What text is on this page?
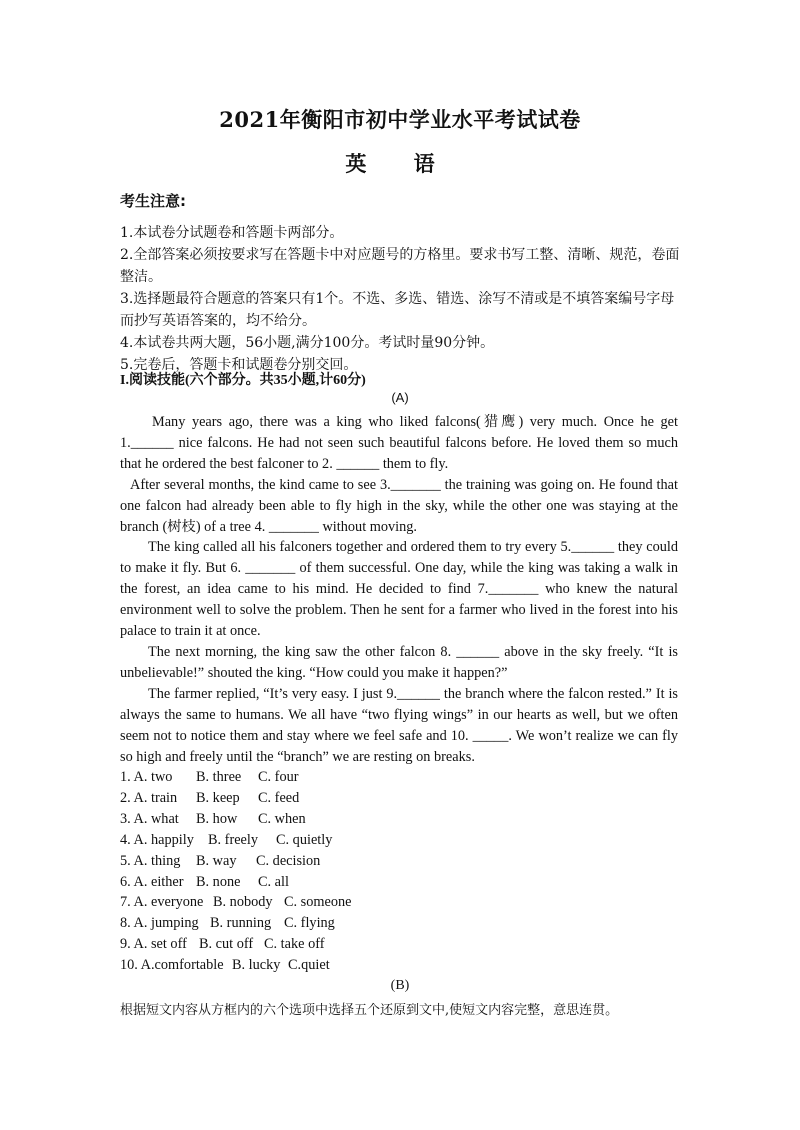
2021年衡阳市初中学业水平考试试卷
英 语
考生注意:

1.本试卷分试题卷和答题卡两部分。

2.全部答案必须按要求写在答题卡中对应题号的方格里。要求书写工整、清晰、规范，卷面整洁。

3.选择题最符合题意的答案只有1个。不选、多选、错选、涂写不清或是不填答案编号字母而抄写英语答案的，均不给分。

4.本试卷共两大题，56小题,满分100分。考试时量90分钟。

5.完卷后，答题卡和试题卷分别交回。

I.阅读技能(六个部分。共35小题,计60分)
(A)

Many years ago, there was a king who liked falcons(猎鹰) very much. Once he get 1.______ nice falcons. He had not seen such beautiful falcons before. He loved them so much that he ordered the best falconer to 2. ______ them to fly.

After several months, the kind came to see 3._______ the training was going on. He found that one falcon had already been able to fly high in the sky, while the other one was staying at the branch (树枝) of a tree 4. _______ without moving.

The king called all his falconers together and ordered them to try every 5.______ they could to make it fly. But 6. _______ of them successful. One day, while the king was taking a walk in the forest, an idea came to his mind. He decided to find 7._______ who knew the natural environment well to solve the problem. Then he sent for a farmer who lived in the forest into his palace to train it at once.

The next morning, the king saw the other falcon 8. ______ above in the sky freely. “It is unbelievable!” shouted the king. “How could you make it happen?”

The farmer replied, “It’s very easy. I just 9.______ the branch where the falcon rested.” It is always the same to humans. We all have “two flying wings” in our hearts as well, but we often seem not to notice them and stay where we feel safe and 10. _____. We won’t realize we can fly so high and freely until the “branch” we are resting on breaks.

1. A. two B. three C. four
2. A. train B. keep C. feed
3. A. what B. how C. when
4. A. happily B. freely C. quietly
5. A. thing B. way C. decision
6. A. either B. none C. all
7. A. everyone B. nobody C. someone
8. A. jumping B. running C. flying
9. A. set off B. cut off C. take off
10. A.comfortable B. lucky C.quiet
(B)
根据短文内容从方框内的六个选项中选择五个还原到文中,使短文内容完整，意思连贯。
